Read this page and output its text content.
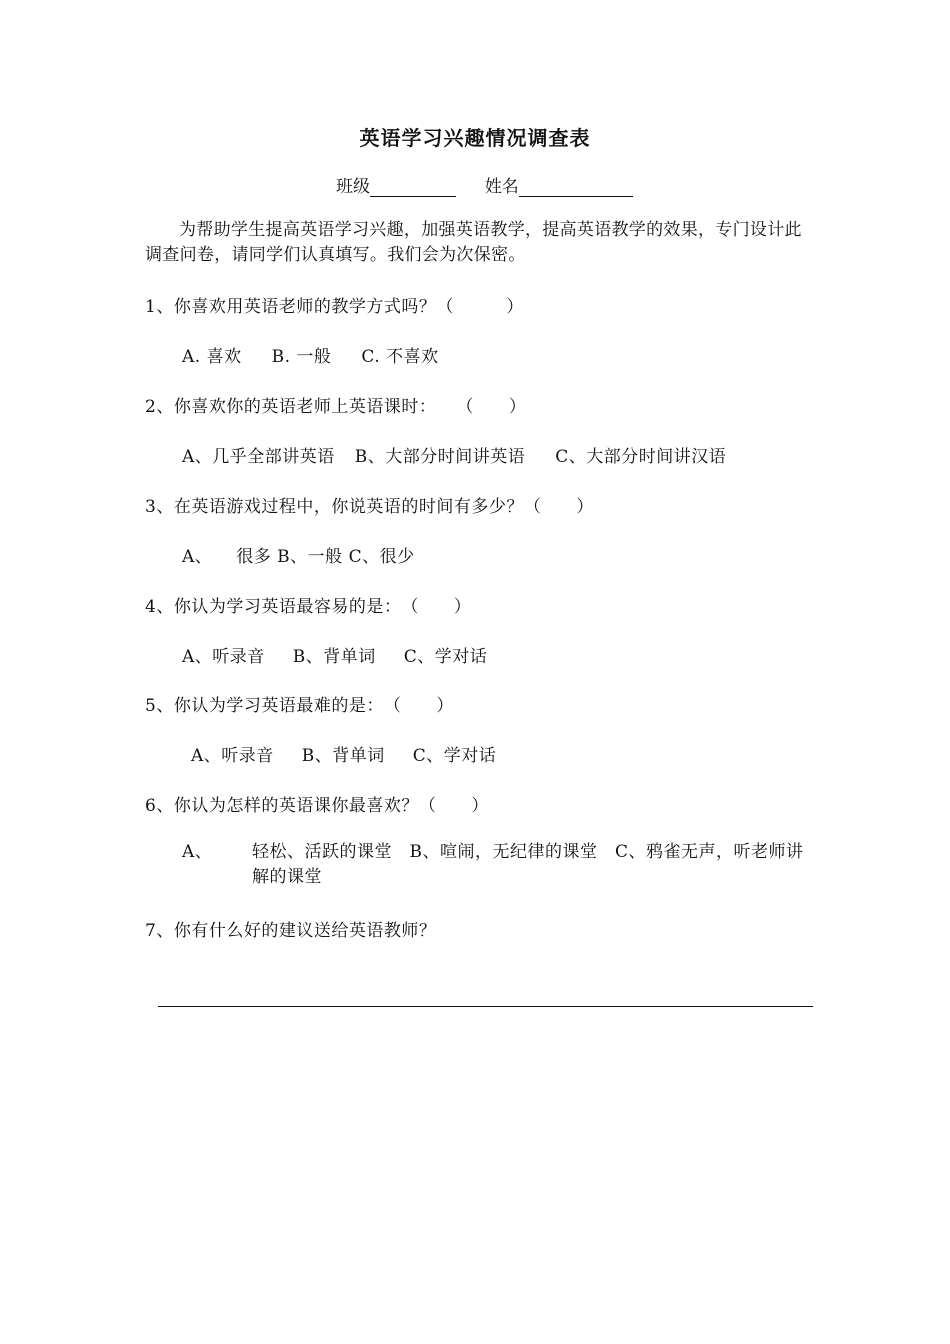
英语学习兴趣情况调查表
班级	姓名
为帮助学生提高英语学习兴趣，加强英语教学，提高英语教学的效果，专门设计此调查问卷，请同学们认真填写。我们会为次保密。
1、你喜欢用英语老师的教学方式吗？（　　　）
A. 喜欢 B. 一般 C. 不喜欢
2、你喜欢你的英语老师上英语课时： （　　）
A、几乎全部讲英语 B、大部分时间讲英语 C、大部分时间讲汉语
3、在英语游戏过程中，你说英语的时间有多少？（　　）
A、 很多 B、一般 C、很少
4、你认为学习英语最容易的是：（　　）
A、听录音 B、背单词 C、学对话
5、你认为学习英语最难的是：（　　）
A、听录音 B、背单词 C、学对话
6、你认为怎样的英语课你最喜欢？（　　）
A、 轻松、活跃的课堂　B、喧闹，无纪律的课堂　C、鸦雀无声，听老师讲解的课堂
7、你有什么好的建议送给英语教师？
